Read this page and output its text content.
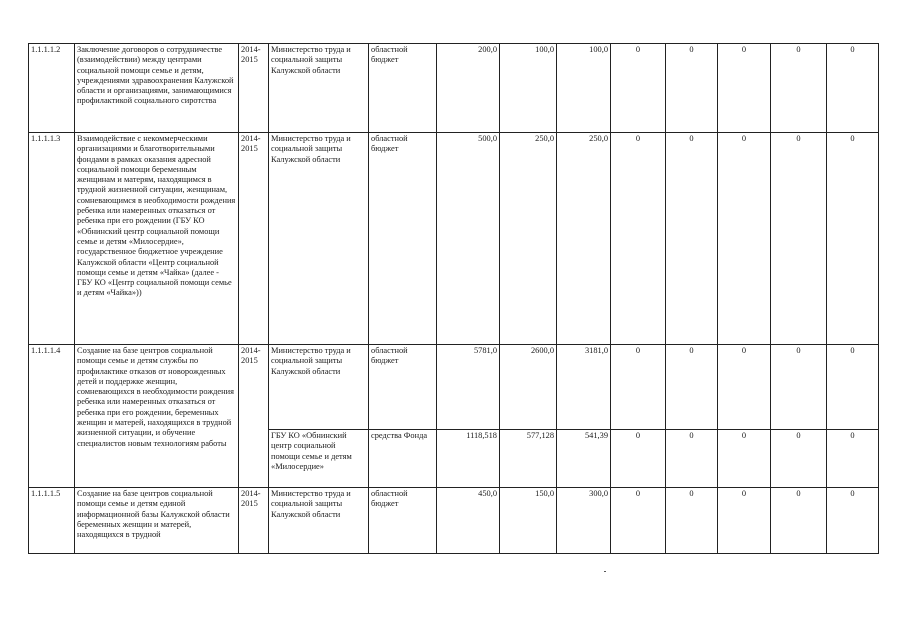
1.1.1.1.2	Заключение договоров о сотрудничестве (взаимодействии) между центрами социальной помощи семье и детям, учреждениями здравоохранения Калужской области и организациями, занимающимися профилактикой социального сиротства	2014-2015	Министерство труда и социальной защиты Калужской области	областной бюджет	200,0	100,0	100,0	0	0	0	0	0
1.1.1.1.3	Взаимодействие с некоммерческими организациями и благотворительными фондами в рамках оказания адресной социальной помощи беременным женщинам и матерям, находящимся в трудной жизненной ситуации, женщинам, сомневающимся в необходимости рождения ребенка или намеренных отказаться от ребенка при его рождении (ГБУ КО «Обнинский центр социальной помощи семье и детям «Милосердие», государственное бюджетное учреждение Калужской области «Центр социальной помощи семье и детям «Чайка» (далее - ГБУ КО «Центр социальной помощи семье и детям «Чайка»))	2014-2015	Министерство труда и социальной защиты Калужской области	областной бюджет	500,0	250,0	250,0	0	0	0	0	0
1.1.1.1.4	Создание на базе центров социальной помощи семье и детям службы по профилактике отказов от новорожденных детей и поддержке женщин, сомневающихся в необходимости рождения ребенка или намеренных отказаться от ребенка при его рождении, беременных женщин и матерей, находящихся в трудной жизненной ситуации, и обучение специалистов новым технологиям работы	2014-2015	Министерство труда и социальной защиты Калужской области	областной бюджет	5781,0	2600,0	3181,0	0	0	0	0	0
			ГБУ КО «Обнинский центр социальной помощи семье и детям «Милосердие»	средства Фонда	1118,518	577,128	541,39	0	0	0	0	0
1.1.1.1.5	Создание на базе центров социальной помощи семье и детям единой информационной базы Калужской области беременных женщин и матерей, находящихся в трудной	2014-2015	Министерство труда и социальной защиты Калужской области	областной бюджет	450,0	150,0	300,0	0	0	0	0	0
